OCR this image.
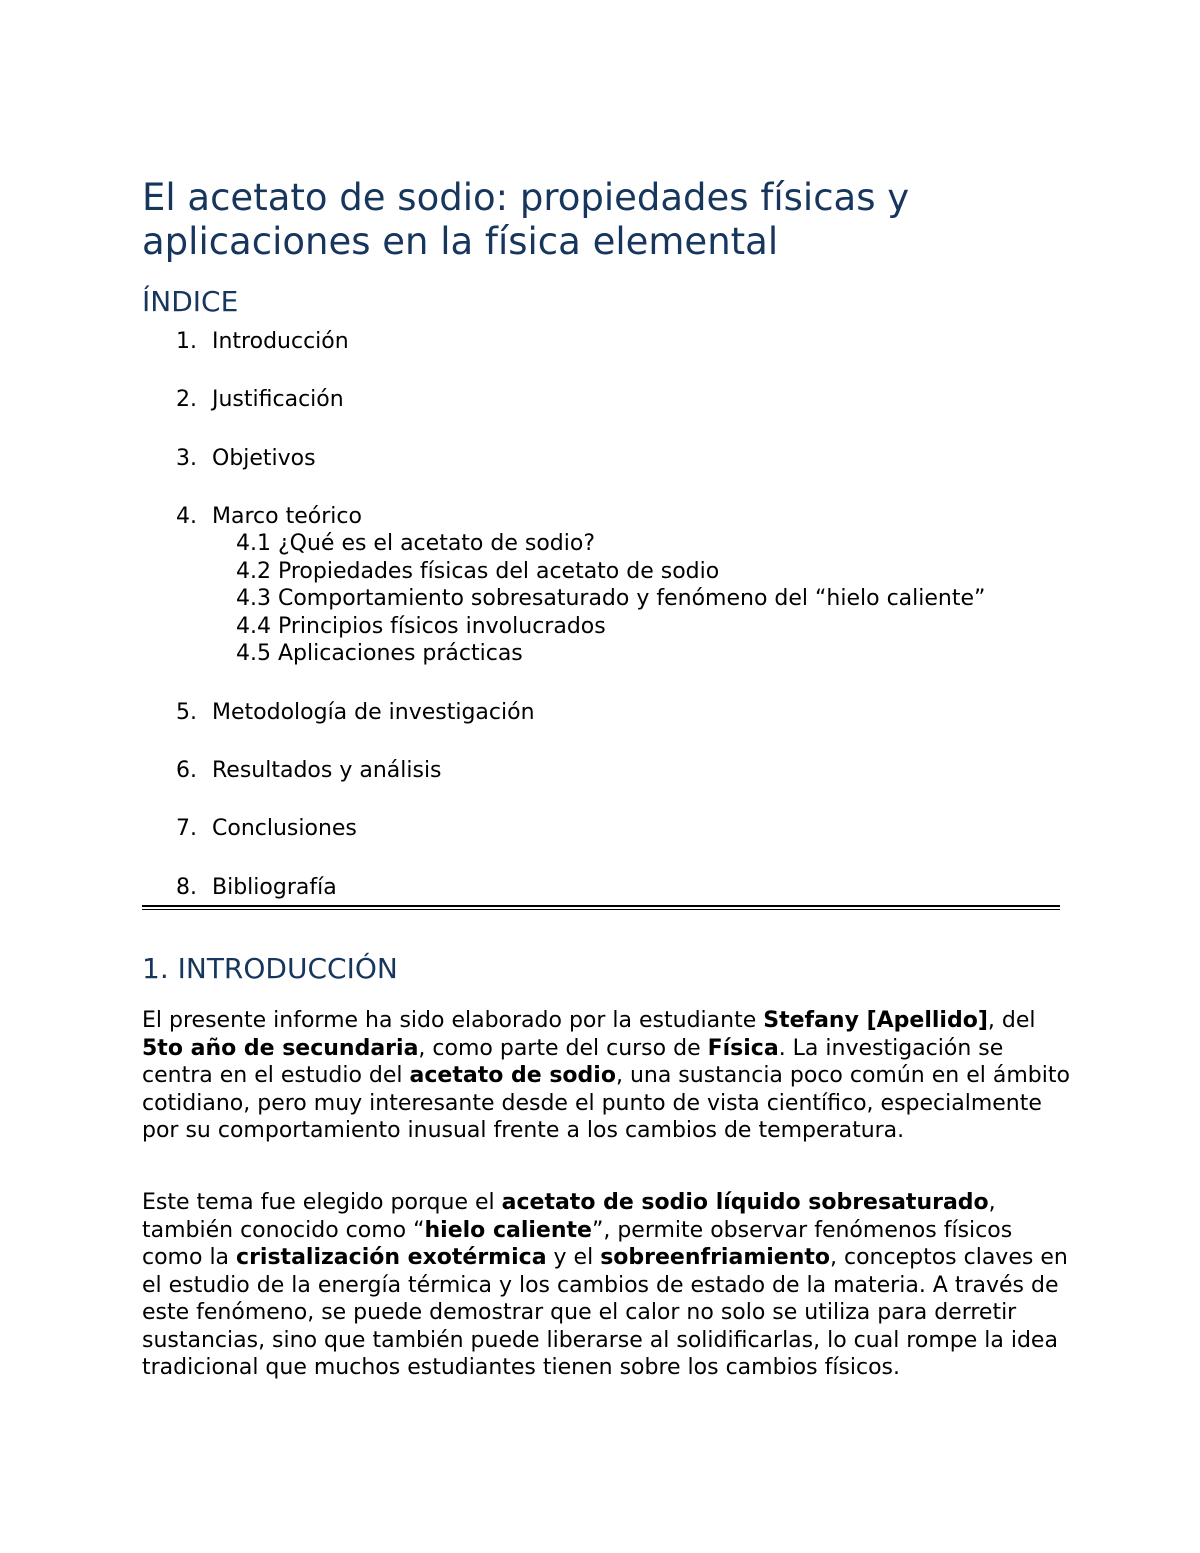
El acetato de sodio: propiedades físicas y aplicaciones en la física elemental
ÍNDICE
1. Introducción
2. Justificación
3. Objetivos
4. Marco teórico
4.1 ¿Qué es el acetato de sodio?
4.2 Propiedades físicas del acetato de sodio
4.3 Comportamiento sobresaturado y fenómeno del “hielo caliente”
4.4 Principios físicos involucrados
4.5 Aplicaciones prácticas
5. Metodología de investigación
6. Resultados y análisis
7. Conclusiones
8. Bibliografía
1. INTRODUCCIÓN

El presente informe ha sido elaborado por la estudiante Stefany [Apellido], del 5to año de secundaria, como parte del curso de Física. La investigación se centra en el estudio del acetato de sodio, una sustancia poco común en el ámbito cotidiano, pero muy interesante desde el punto de vista científico, especialmente por su comportamiento inusual frente a los cambios de temperatura.

Este tema fue elegido porque el acetato de sodio líquido sobresaturado, también conocido como “hielo caliente”, permite observar fenómenos físicos como la cristalización exotérmica y el sobreenfriamiento, conceptos claves en el estudio de la energía térmica y los cambios de estado de la materia. A través de este fenómeno, se puede demostrar que el calor no solo se utiliza para derretir sustancias, sino que también puede liberarse al solidificarlas, lo cual rompe la idea tradicional que muchos estudiantes tienen sobre los cambios físicos.
